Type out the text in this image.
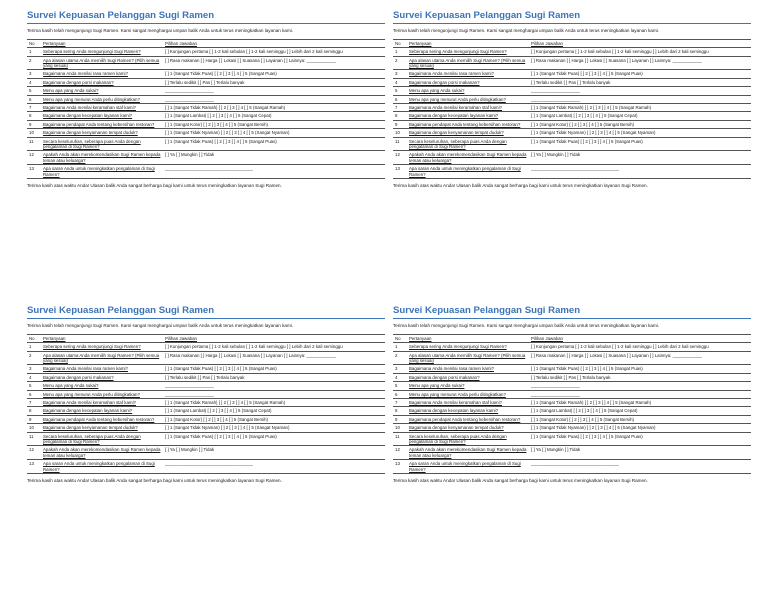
Survei Kepuasan Pelanggan Sugi Ramen
Terima kasih telah mengunjungi Sugi Ramen. Kami sangat menghargai umpan balik Anda untuk terus meningkatkan layanan kami.
No	Pertanyaan	Pilihan Jawaban
1	Seberapa sering Anda mengunjungi Sugi Ramen?	[ ] Kunjungan pertama [ ] 1-2 kali sebulan [ ] 1-2 kali seminggu [ ] Lebih dari 2 kali seminggu
2	Apa alasan utama Anda memilih Sugi Ramen? (Pilih semua yang sesuai)	[ ] Rasa makanan [ ] Harga [ ] Lokasi [ ] Suasana [ ] Layanan [ ] Lainnya: ____________
3	Bagaimana Anda menilai rasa ramen kami?	[ ] 1 (Sangat Tidak Puas) [ ] 2 [ ] 3 [ ] 4 [ ] 5 (Sangat Puas)
4	Bagaimana dengan porsi makanan?	[ ] Terlalu sedikit [ ] Pas [ ] Terlalu banyak
5	Menu apa yang Anda sukai?	____________________
6	Menu apa yang menurut Anda perlu ditingkatkan?	____________________
7	Bagaimana Anda menilai keramahan staf kami?	[ ] 1 (Sangat Tidak Ramah) [ ] 2 [ ] 3 [ ] 4 [ ] 5 (Sangat Ramah)
8	Bagaimana dengan kecepatan layanan kami?	[ ] 1 (Sangat Lambat) [ ] 2 [ ] 3 [ ] 4 [ ] 5 (Sangat Cepat)
9	Bagaimana pendapat Anda tentang kebersihan restoran?	[ ] 1 (Sangat Kotor) [ ] 2 [ ] 3 [ ] 4 [ ] 5 (Sangat Bersih)
10	Bagaimana dengan kenyamanan tempat duduk?	[ ] 1 (Sangat Tidak Nyaman) [ ] 2 [ ] 3 [ ] 4 [ ] 5 (Sangat Nyaman)
11	Secara keseluruhan, seberapa puas Anda dengan pengalaman di Sugi Ramen?	[ ] 1 (Sangat Tidak Puas) [ ] 2 [ ] 3 [ ] 4 [ ] 5 (Sangat Puas)
12	Apakah Anda akan merekomendasikan Sugi Ramen kepada teman atau keluarga?	[ ] Ya [ ] Mungkin [ ] Tidak
13	Apa saran Anda untuk meningkatkan pengalaman di Sugi Ramen?	____________________________________
Terima kasih atas waktu Anda! Ulasan balik Anda sangat berharga bagi kami untuk terus meningkatkan layanan Sugi Ramen.
Survei Kepuasan Pelanggan Sugi Ramen
Terima kasih telah mengunjungi Sugi Ramen. Kami sangat menghargai umpan balik Anda untuk terus meningkatkan layanan kami.
No	Pertanyaan	Pilihan Jawaban
1	Seberapa sering Anda mengunjungi Sugi Ramen?	[ ] Kunjungan pertama [ ] 1-2 kali sebulan [ ] 1-2 kali seminggu [ ] Lebih dari 2 kali seminggu
2	Apa alasan utama Anda memilih Sugi Ramen? (Pilih semua yang sesuai)	[ ] Rasa makanan [ ] Harga [ ] Lokasi [ ] Suasana [ ] Layanan [ ] Lainnya: ____________
3	Bagaimana Anda menilai rasa ramen kami?	[ ] 1 (Sangat Tidak Puas) [ ] 2 [ ] 3 [ ] 4 [ ] 5 (Sangat Puas)
4	Bagaimana dengan porsi makanan?	[ ] Terlalu sedikit [ ] Pas [ ] Terlalu banyak
5	Menu apa yang Anda sukai?	____________________
6	Menu apa yang menurut Anda perlu ditingkatkan?	____________________
7	Bagaimana Anda menilai keramahan staf kami?	[ ] 1 (Sangat Tidak Ramah) [ ] 2 [ ] 3 [ ] 4 [ ] 5 (Sangat Ramah)
8	Bagaimana dengan kecepatan layanan kami?	[ ] 1 (Sangat Lambat) [ ] 2 [ ] 3 [ ] 4 [ ] 5 (Sangat Cepat)
9	Bagaimana pendapat Anda tentang kebersihan restoran?	[ ] 1 (Sangat Kotor) [ ] 2 [ ] 3 [ ] 4 [ ] 5 (Sangat Bersih)
10	Bagaimana dengan kenyamanan tempat duduk?	[ ] 1 (Sangat Tidak Nyaman) [ ] 2 [ ] 3 [ ] 4 [ ] 5 (Sangat Nyaman)
11	Secara keseluruhan, seberapa puas Anda dengan pengalaman di Sugi Ramen?	[ ] 1 (Sangat Tidak Puas) [ ] 2 [ ] 3 [ ] 4 [ ] 5 (Sangat Puas)
12	Apakah Anda akan merekomendasikan Sugi Ramen kepada teman atau keluarga?	[ ] Ya [ ] Mungkin [ ] Tidak
13	Apa saran Anda untuk meningkatkan pengalaman di Sugi Ramen?	____________________________________
Terima kasih atas waktu Anda! Ulasan balik Anda sangat berharga bagi kami untuk terus meningkatkan layanan Sugi Ramen.
Survei Kepuasan Pelanggan Sugi Ramen
Terima kasih telah mengunjungi Sugi Ramen. Kami sangat menghargai umpan balik Anda untuk terus meningkatkan layanan kami.
No	Pertanyaan	Pilihan Jawaban
1	Seberapa sering Anda mengunjungi Sugi Ramen?	[ ] Kunjungan pertama [ ] 1-2 kali sebulan [ ] 1-2 kali seminggu [ ] Lebih dari 2 kali seminggu
2	Apa alasan utama Anda memilih Sugi Ramen? (Pilih semua yang sesuai)	[ ] Rasa makanan [ ] Harga [ ] Lokasi [ ] Suasana [ ] Layanan [ ] Lainnya: ____________
3	Bagaimana Anda menilai rasa ramen kami?	[ ] 1 (Sangat Tidak Puas) [ ] 2 [ ] 3 [ ] 4 [ ] 5 (Sangat Puas)
4	Bagaimana dengan porsi makanan?	[ ] Terlalu sedikit [ ] Pas [ ] Terlalu banyak
5	Menu apa yang Anda sukai?	____________________
6	Menu apa yang menurut Anda perlu ditingkatkan?	____________________
7	Bagaimana Anda menilai keramahan staf kami?	[ ] 1 (Sangat Tidak Ramah) [ ] 2 [ ] 3 [ ] 4 [ ] 5 (Sangat Ramah)
8	Bagaimana dengan kecepatan layanan kami?	[ ] 1 (Sangat Lambat) [ ] 2 [ ] 3 [ ] 4 [ ] 5 (Sangat Cepat)
9	Bagaimana pendapat Anda tentang kebersihan restoran?	[ ] 1 (Sangat Kotor) [ ] 2 [ ] 3 [ ] 4 [ ] 5 (Sangat Bersih)
10	Bagaimana dengan kenyamanan tempat duduk?	[ ] 1 (Sangat Tidak Nyaman) [ ] 2 [ ] 3 [ ] 4 [ ] 5 (Sangat Nyaman)
11	Secara keseluruhan, seberapa puas Anda dengan pengalaman di Sugi Ramen?	[ ] 1 (Sangat Tidak Puas) [ ] 2 [ ] 3 [ ] 4 [ ] 5 (Sangat Puas)
12	Apakah Anda akan merekomendasikan Sugi Ramen kepada teman atau keluarga?	[ ] Ya [ ] Mungkin [ ] Tidak
13	Apa saran Anda untuk meningkatkan pengalaman di Sugi Ramen?	____________________________________
Terima kasih atas waktu Anda! Ulasan balik Anda sangat berharga bagi kami untuk terus meningkatkan layanan Sugi Ramen.
Survei Kepuasan Pelanggan Sugi Ramen
Terima kasih telah mengunjungi Sugi Ramen. Kami sangat menghargai umpan balik Anda untuk terus meningkatkan layanan kami.
No	Pertanyaan	Pilihan Jawaban
1	Seberapa sering Anda mengunjungi Sugi Ramen?	[ ] Kunjungan pertama [ ] 1-2 kali sebulan [ ] 1-2 kali seminggu [ ] Lebih dari 2 kali seminggu
2	Apa alasan utama Anda memilih Sugi Ramen? (Pilih semua yang sesuai)	[ ] Rasa makanan [ ] Harga [ ] Lokasi [ ] Suasana [ ] Layanan [ ] Lainnya: ____________
3	Bagaimana Anda menilai rasa ramen kami?	[ ] 1 (Sangat Tidak Puas) [ ] 2 [ ] 3 [ ] 4 [ ] 5 (Sangat Puas)
4	Bagaimana dengan porsi makanan?	[ ] Terlalu sedikit [ ] Pas [ ] Terlalu banyak
5	Menu apa yang Anda sukai?	____________________
6	Menu apa yang menurut Anda perlu ditingkatkan?	____________________
7	Bagaimana Anda menilai keramahan staf kami?	[ ] 1 (Sangat Tidak Ramah) [ ] 2 [ ] 3 [ ] 4 [ ] 5 (Sangat Ramah)
8	Bagaimana dengan kecepatan layanan kami?	[ ] 1 (Sangat Lambat) [ ] 2 [ ] 3 [ ] 4 [ ] 5 (Sangat Cepat)
9	Bagaimana pendapat Anda tentang kebersihan restoran?	[ ] 1 (Sangat Kotor) [ ] 2 [ ] 3 [ ] 4 [ ] 5 (Sangat Bersih)
10	Bagaimana dengan kenyamanan tempat duduk?	[ ] 1 (Sangat Tidak Nyaman) [ ] 2 [ ] 3 [ ] 4 [ ] 5 (Sangat Nyaman)
11	Secara keseluruhan, seberapa puas Anda dengan pengalaman di Sugi Ramen?	[ ] 1 (Sangat Tidak Puas) [ ] 2 [ ] 3 [ ] 4 [ ] 5 (Sangat Puas)
12	Apakah Anda akan merekomendasikan Sugi Ramen kepada teman atau keluarga?	[ ] Ya [ ] Mungkin [ ] Tidak
13	Apa saran Anda untuk meningkatkan pengalaman di Sugi Ramen?	____________________________________
Terima kasih atas waktu Anda! Ulasan balik Anda sangat berharga bagi kami untuk terus meningkatkan layanan Sugi Ramen.
